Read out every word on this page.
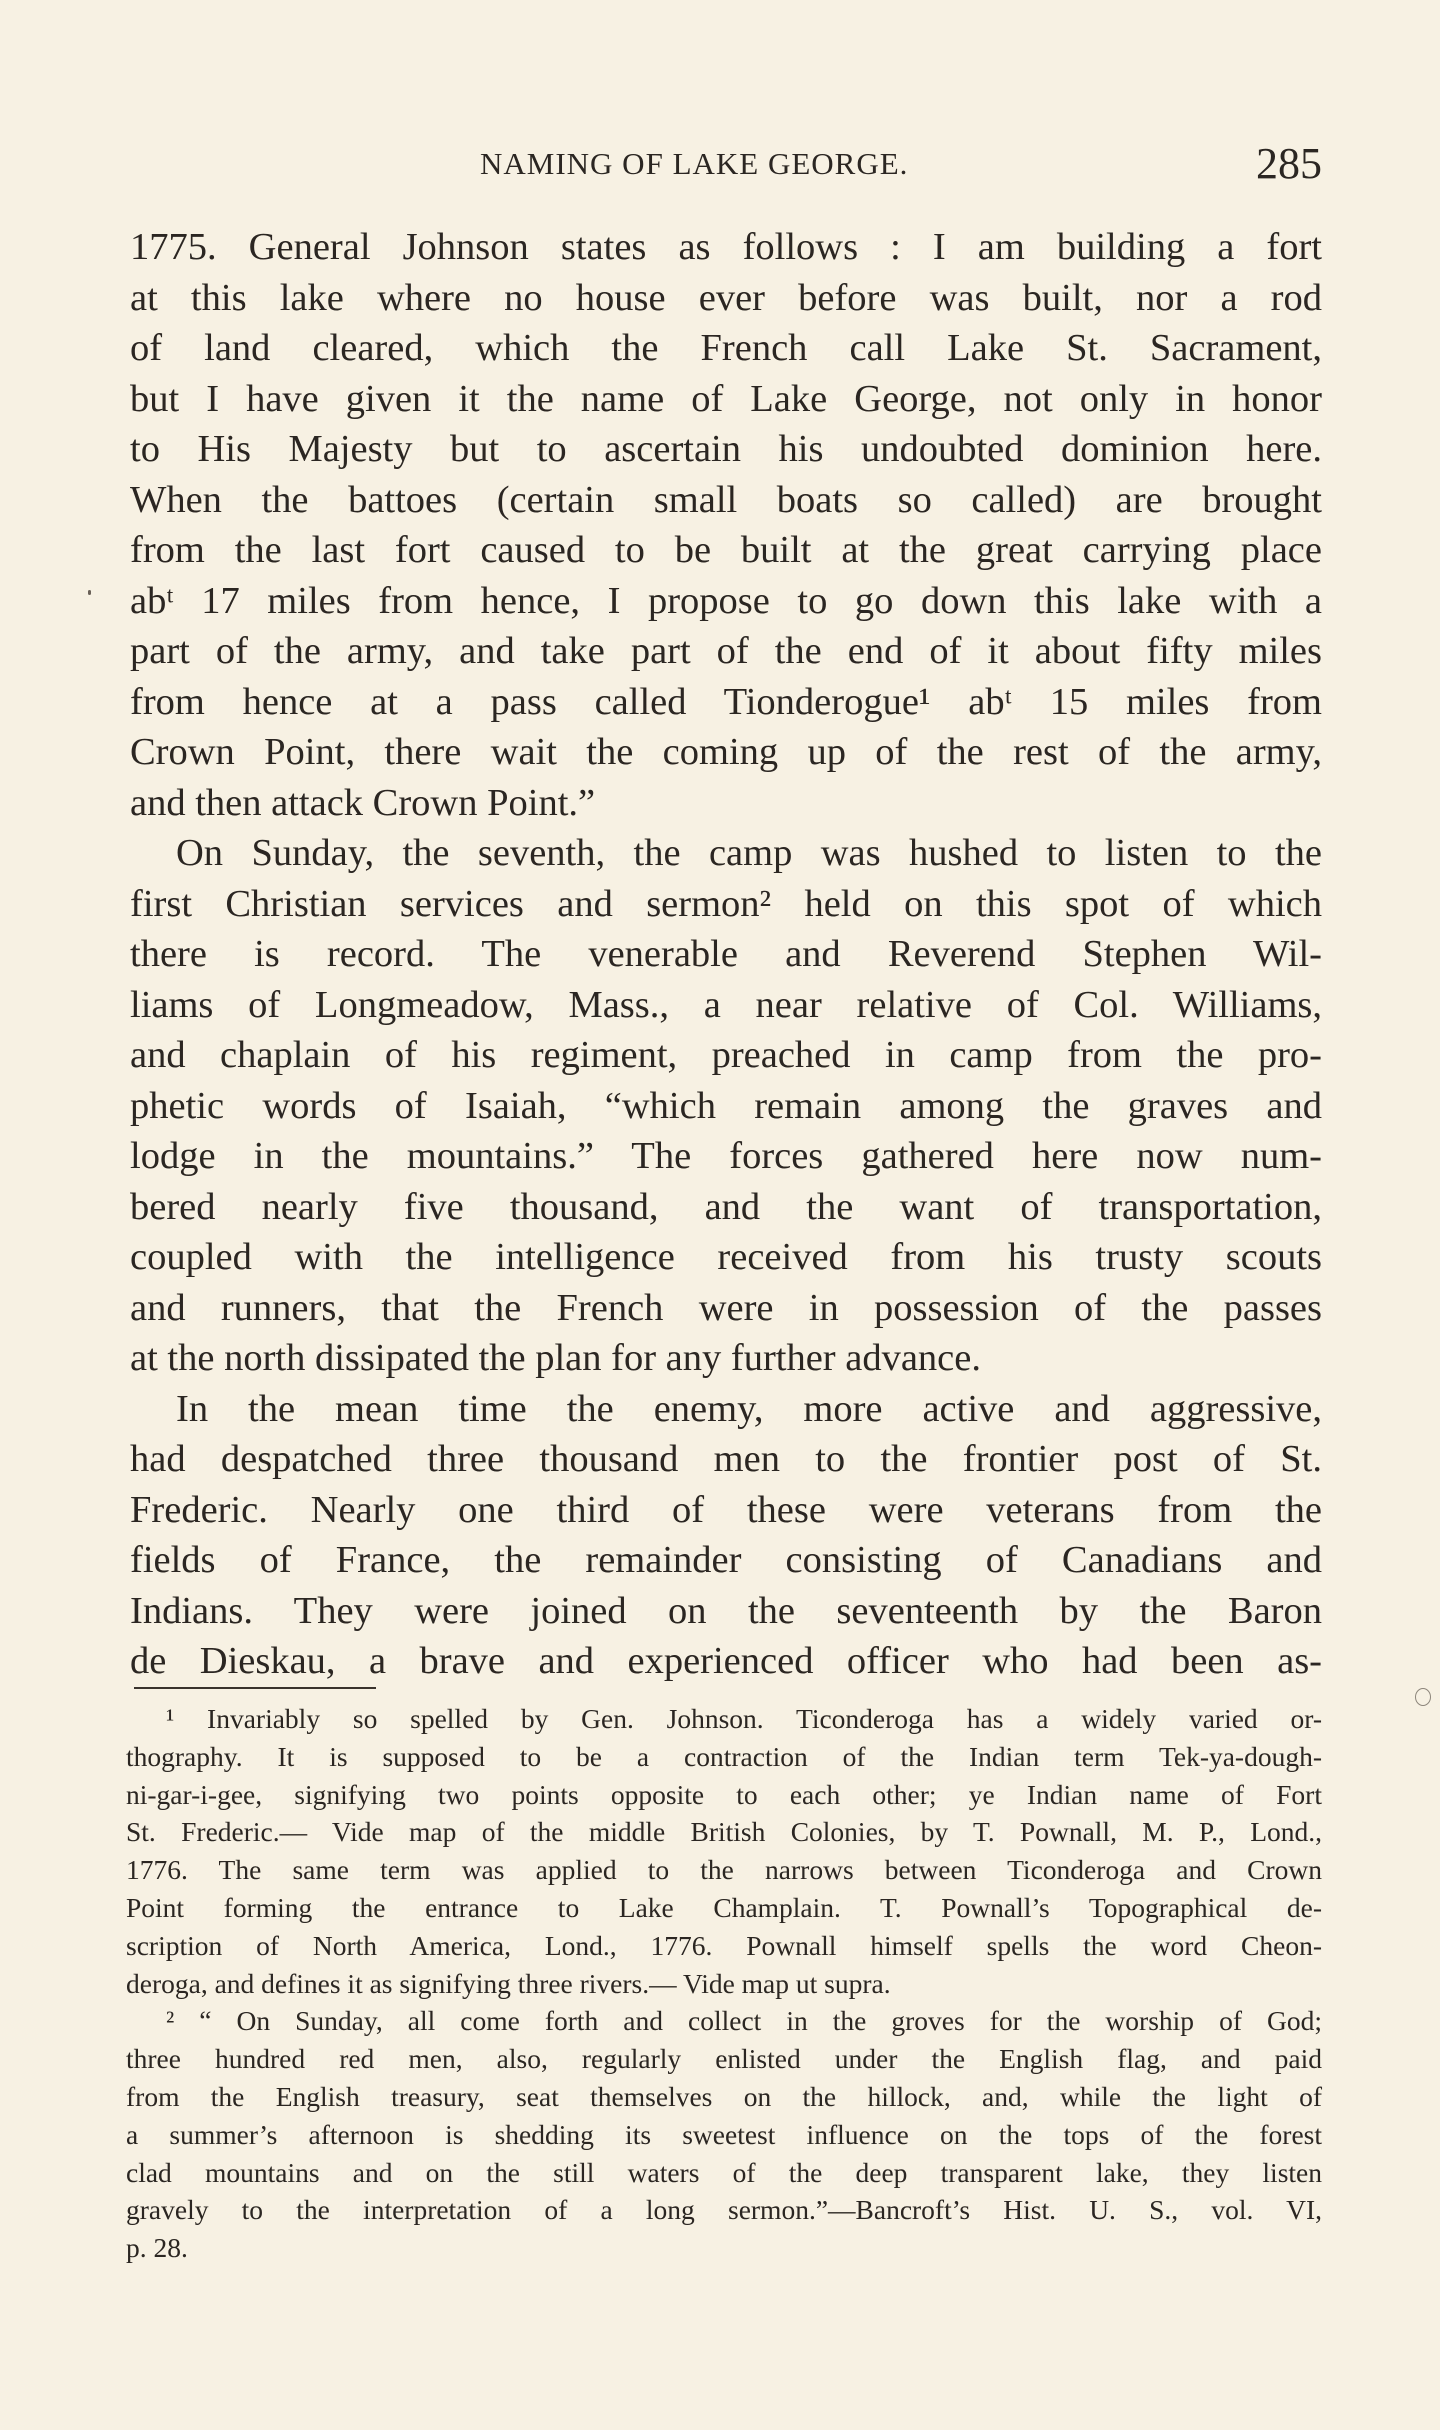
NAMING OF LAKE GEORGE.	285
1775. General Johnson states as follows : I am building a fort
at this lake where no house ever before was built, nor a rod
of land cleared, which the French call Lake St. Sacrament,
but I have given it the name of Lake George, not only in honor
to His Majesty but to ascertain his undoubted dominion here.
When the battoes (certain small boats so called) are brought
from the last fort caused to be built at the great carrying place
abᵗ 17 miles from hence, I propose to go down this lake with a
part of the army, and take part of the end of it about fifty miles
from hence at a pass called Tionderogue¹ abᵗ 15 miles from
Crown Point, there wait the coming up of the rest of the army,
and then attack Crown Point.”
On Sunday, the seventh, the camp was hushed to listen to the
first Christian services and sermon² held on this spot of which
there is record. The venerable and Reverend Stephen Wil-
liams of Longmeadow, Mass., a near relative of Col. Williams,
and chaplain of his regiment, preached in camp from the pro-
phetic words of Isaiah, “which remain among the graves and
lodge in the mountains.” The forces gathered here now num-
bered nearly five thousand, and the want of transportation,
coupled with the intelligence received from his trusty scouts
and runners, that the French were in possession of the passes
at the north dissipated the plan for any further advance.
In the mean time the enemy, more active and aggressive,
had despatched three thousand men to the frontier post of St.
Frederic. Nearly one third of these were veterans from the
fields of France, the remainder consisting of Canadians and
Indians. They were joined on the seventeenth by the Baron
de Dieskau, a brave and experienced officer who had been as-
¹ Invariably so spelled by Gen. Johnson. Ticonderoga has a widely varied or-
thography. It is supposed to be a contraction of the Indian term Tek-ya-dough-
ni-gar-i-gee, signifying two points opposite to each other; ye Indian name of Fort
St. Frederic.— Vide map of the middle British Colonies, by T. Pownall, M. P., Lond.,
1776. The same term was applied to the narrows between Ticonderoga and Crown
Point forming the entrance to Lake Champlain. T. Pownall’s Topographical de-
scription of North America, Lond., 1776. Pownall himself spells the word Cheon-
deroga, and defines it as signifying three rivers.— Vide map ut supra.
² “ On Sunday, all come forth and collect in the groves for the worship of God;
three hundred red men, also, regularly enlisted under the English flag, and paid
from the English treasury, seat themselves on the hillock, and, while the light of
a summer’s afternoon is shedding its sweetest influence on the tops of the forest
clad mountains and on the still waters of the deep transparent lake, they listen
gravely to the interpretation of a long sermon.”—Bancroft’s Hist. U. S., vol. VI,
p. 28.
